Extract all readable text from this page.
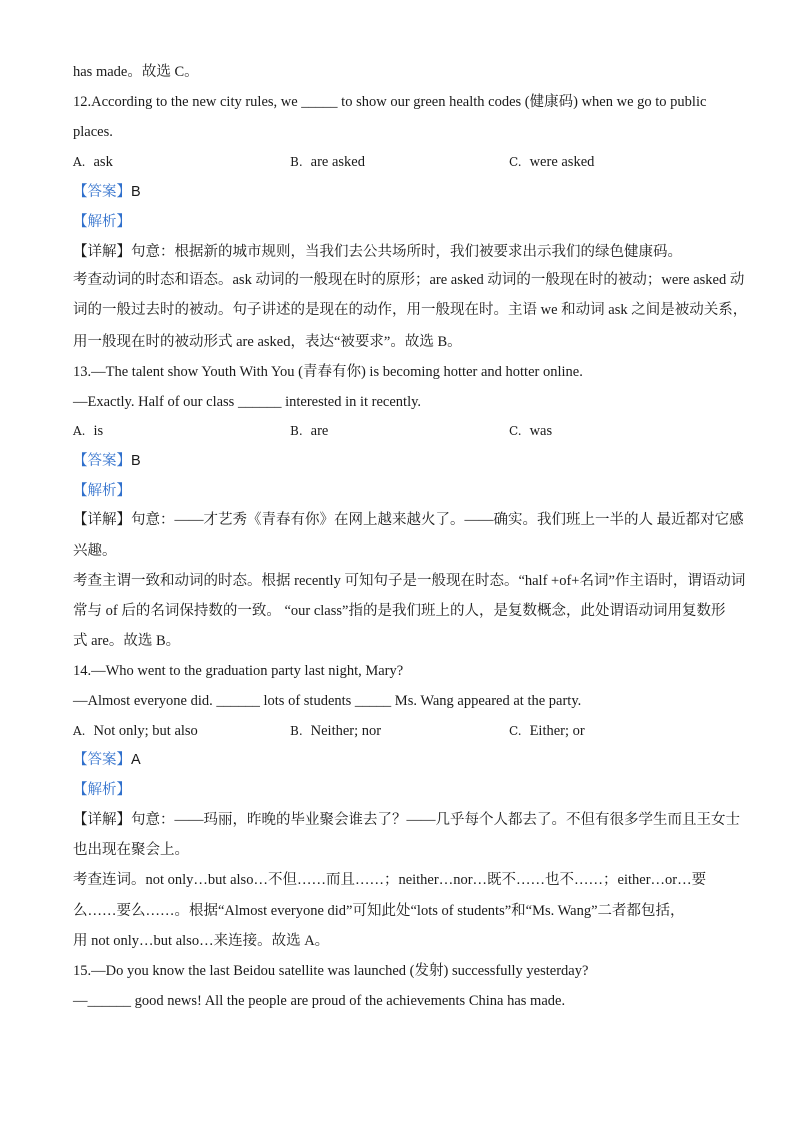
has made。故选 C。
12.According to the new city rules, we _____ to show our green health codes (健康码) when we go to public
places.
A. ask	B. are asked	C. were asked
【答案】B
【解析】
【详解】句意：根据新的城市规则，当我们去公共场所时，我们被要求出示我们的绿色健康码。
考查动词的时态和语态。ask 动词的一般现在时的原形；are asked 动词的一般现在时的被动；were asked 动
词的一般过去时的被动。句子讲述的是现在的动作，用一般现在时。主语 we 和动词 ask 之间是被动关系，
用一般现在时的被动形式 are asked，表达“被要求”。故选 B。
13.—The talent show Youth With You (青春有你) is becoming hotter and hotter online.
—Exactly. Half of our class ______ interested in it recently.
A. is	B. are	C. was
【答案】B
【解析】
【详解】句意：——才艺秀《青春有你》在网上越来越火了。——确实。我们班上一半的人 最近都对它感
兴趣。
考查主谓一致和动词的时态。根据 recently 可知句子是一般现在时态。“half +of+名词”作主语时，谓语动词
常与 of 后的名词保持数的一致。 “our class”指的是我们班上的人，是复数概念，此处谓语动词用复数形
式 are。故选 B。
14.—Who went to the graduation party last night, Mary?
—Almost everyone did. ______ lots of students _____ Ms. Wang appeared at the party.
A. Not only; but also	B. Neither; nor	C. Either; or
【答案】A
【解析】
【详解】句意：——玛丽，昨晚的毕业聚会谁去了？——几乎每个人都去了。不但有很多学生而且王女士
也出现在聚会上。
考查连词。not only…but also…不但……而且……；neither…nor…既不……也不……；either…or…要
么……要么……。根据“Almost everyone did”可知此处“lots of students”和“Ms. Wang”二者都包括，
用 not only…but also…来连接。故选 A。
15.—Do you know the last Beidou satellite was launched (发射) successfully yesterday?
—______ good news! All the people are proud of the achievements China has made.
